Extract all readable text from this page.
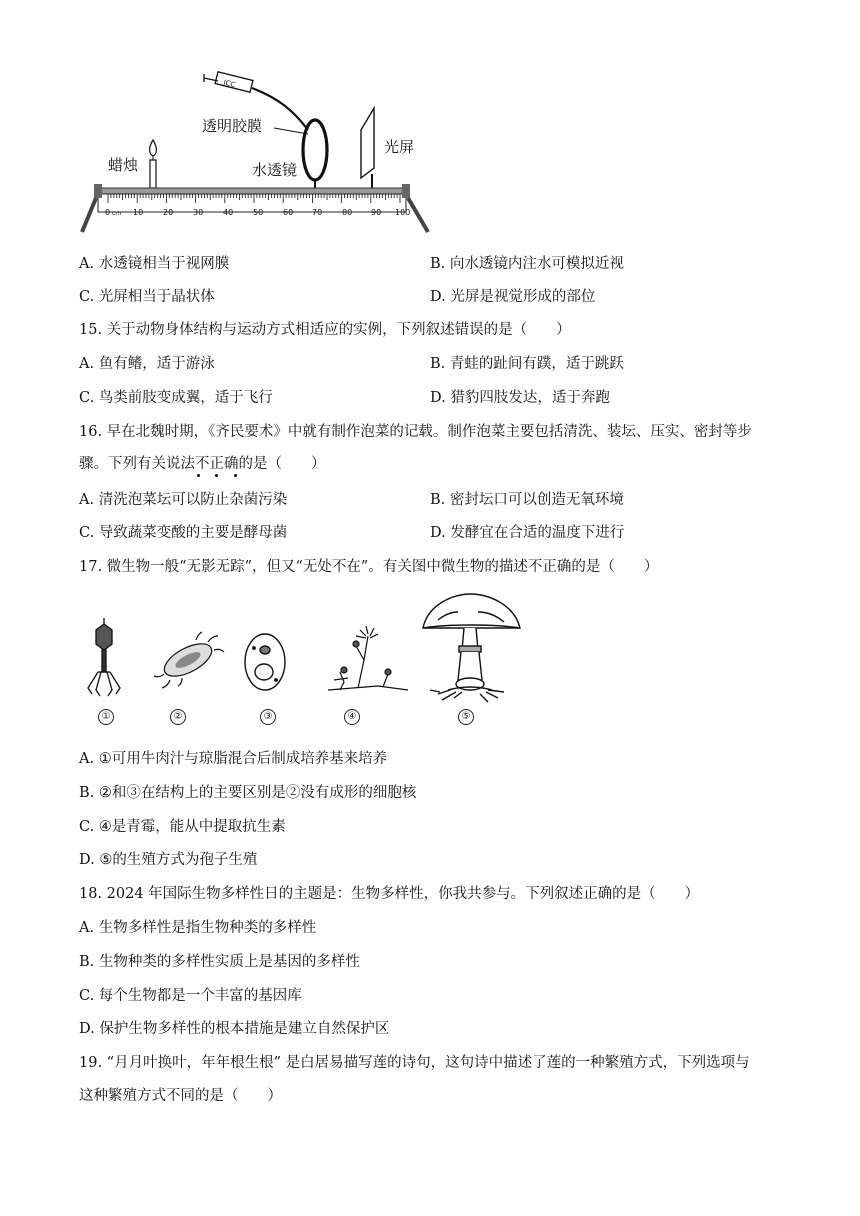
ICC
透明胶膜
蜡烛	水透镜
光屏
0 cm 10 20 30 40 50 60 70 80 90 100
A. 水透镜相当于视网膜	B. 向水透镜内注水可模拟近视
C. 光屏相当于晶状体	D. 光屏是视觉形成的部位
15. 关于动物身体结构与运动方式相适应的实例，下列叙述错误的是（　　）
A. 鱼有鳍，适于游泳	B. 青蛙的趾间有蹼，适于跳跃
C. 鸟类前肢变成翼，适于飞行	D. 猎豹四肢发达，适于奔跑
16. 早在北魏时期，《齐民要术》中就有制作泡菜的记载。制作泡菜主要包括清洗、装坛、压实、密封等步
骤。下列有关说法不正确
的是（　　）
A. 清洗泡菜坛可以防止杂菌污染	B. 密封坛口可以创造无氧环境
C. 导致蔬菜变酸的主要是酵母菌	D. 发酵宜在合适的温度下进行
17. 微生物一般“无影无踪”，但又“无处不在”。有关图中微生物的描述不正确的是（　　）
①	②	③	④	⑤
A. ①可用牛肉汁与琼脂混合后制成培养基来培养
B. ②和③在结构上的主要区别是②没有成形的细胞核
C. ④是青霉，能从中提取抗生素
D. ⑤的生殖方式为孢子生殖
18. 2024 年国际生物多样性日的主题是：生物多样性，你我共参与。下列叙述正确的是（　　）
A. 生物多样性是指生物种类的多样性
B. 生物种类的多样性实质上是基因的多样性
C. 每个生物都是一个丰富的基因库
D. 保护生物多样性的根本措施是建立自然保护区
19. “月月叶换叶，年年根生根” 是白居易描写莲的诗句，这句诗中描述了莲的一种繁殖方式，下列选项与
这种繁殖方式不同的是（　　）
